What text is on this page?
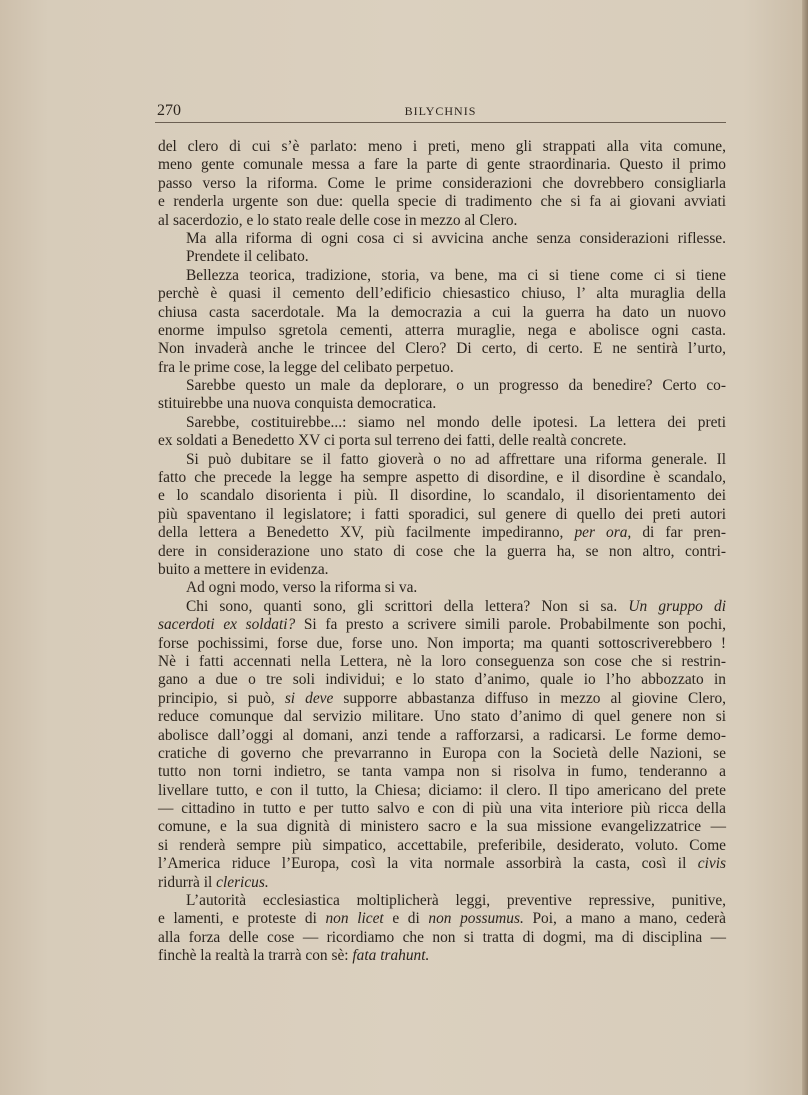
270	BILYCHNIS
del clero di cui s’è parlato: meno i preti, meno gli strappati alla vita comune,
meno gente comunale messa a fare la parte di gente straordinaria. Questo il primo
passo verso la riforma. Come le prime considerazioni che dovrebbero consigliarla
e renderla urgente son due: quella specie di tradimento che si fa ai giovani avviati
al sacerdozio, e lo stato reale delle cose in mezzo al Clero.
Ma alla riforma di ogni cosa ci si avvicina anche senza considerazioni riflesse.
Prendete il celibato.
Bellezza teorica, tradizione, storia, va bene, ma ci si tiene come ci si tiene
perchè è quasi il cemento dell’edificio chiesastico chiuso, l’ alta muraglia della
chiusa casta sacerdotale. Ma la democrazia a cui la guerra ha dato un nuovo
enorme impulso sgretola cementi, atterra muraglie, nega e abolisce ogni casta.
Non invaderà anche le trincee del Clero? Di certo, di certo. E ne sentirà l’urto,
fra le prime cose, la legge del celibato perpetuo.
Sarebbe questo un male da deplorare, o un progresso da benedire? Certo co-
stituirebbe una nuova conquista democratica.
Sarebbe, costituirebbe...: siamo nel mondo delle ipotesi. La lettera dei preti
ex soldati a Benedetto XV ci porta sul terreno dei fatti, delle realtà concrete.
Si può dubitare se il fatto gioverà o no ad affrettare una riforma generale. Il
fatto che precede la legge ha sempre aspetto di disordine, e il disordine è scandalo,
e lo scandalo disorienta i più. Il disordine, lo scandalo, il disorientamento dei
più spaventano il legislatore; i fatti sporadici, sul genere di quello dei preti autori
della lettera a Benedetto XV, più facilmente impediranno, per ora, di far pren-
dere in considerazione uno stato di cose che la guerra ha, se non altro, contri-
buito a mettere in evidenza.
Ad ogni modo, verso la riforma si va.
Chi sono, quanti sono, gli scrittori della lettera? Non si sa. Un gruppo di
sacerdoti ex soldati? Si fa presto a scrivere simili parole. Probabilmente son pochi,
forse pochissimi, forse due, forse uno. Non importa; ma quanti sottoscriverebbero !
Nè i fatti accennati nella Lettera, nè la loro conseguenza son cose che si restrin-
gano a due o tre soli individui; e lo stato d’animo, quale io l’ho abbozzato in
principio, si può, si deve supporre abbastanza diffuso in mezzo al giovine Clero,
reduce comunque dal servizio militare. Uno stato d’animo di quel genere non si
abolisce dall’oggi al domani, anzi tende a rafforzarsi, a radicarsi. Le forme demo-
cratiche di governo che prevarranno in Europa con la Società delle Nazioni, se
tutto non torni indietro, se tanta vampa non si risolva in fumo, tenderanno a
livellare tutto, e con il tutto, la Chiesa; diciamo: il clero. Il tipo americano del prete
— cittadino in tutto e per tutto salvo e con di più una vita interiore più ricca della
comune, e la sua dignità di ministero sacro e la sua missione evangelizzatrice —
si renderà sempre più simpatico, accettabile, preferibile, desiderato, voluto. Come
l’America riduce l’Europa, così la vita normale assorbirà la casta, così il civis
ridurrà il clericus.
L’autorità ecclesiastica moltiplicherà leggi, preventive repressive, punitive,
e lamenti, e proteste di non licet e di non possumus. Poi, a mano a mano, cederà
alla forza delle cose — ricordiamo che non si tratta di dogmi, ma di disciplina —
finchè la realtà la trarrà con sè: fata trahunt.
